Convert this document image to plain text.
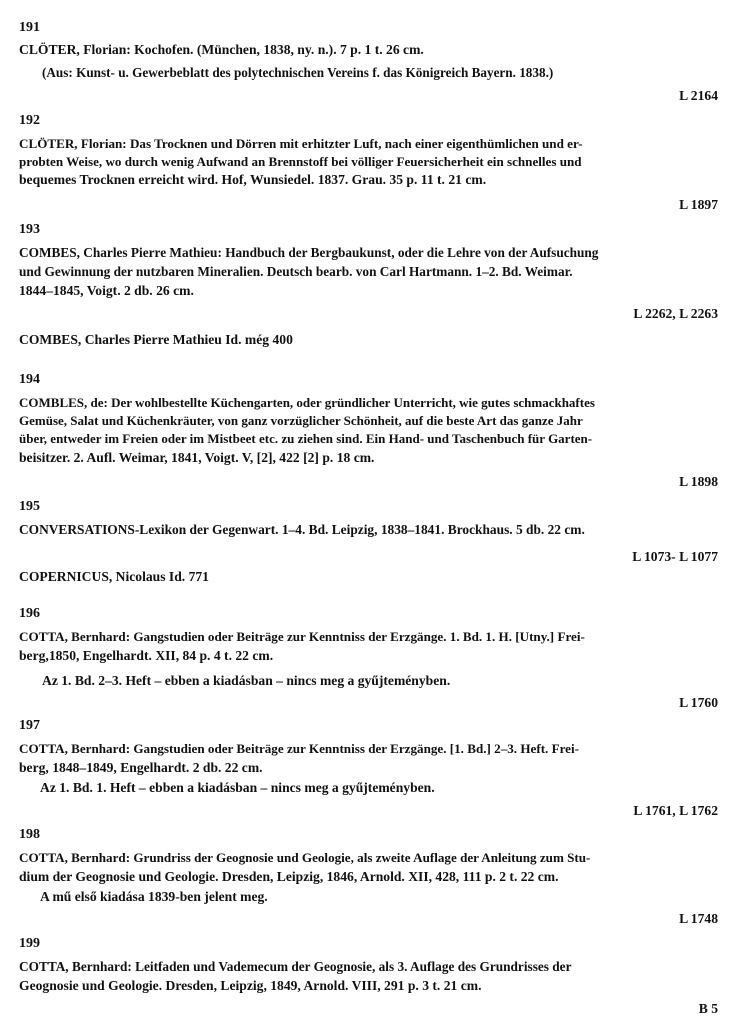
191
CLÖTER, Florian: Kochofen. (München, 1838, ny. n.). 7 p. 1 t. 26 cm.
(Aus: Kunst- u. Gewerbeblatt des polytechnischen Vereins f. das Königreich Bayern. 1838.)
L 2164
192
CLÖTER, Florian: Das Trocknen und Dörren mit erhitzter Luft, nach einer eigenthümlichen und er-
probten Weise, wo durch wenig Aufwand an Brennstoff bei völliger Feuersicherheit ein schnelles und
bequemes Trocknen erreicht wird. Hof, Wunsiedel. 1837. Grau. 35 p. 11 t. 21 cm.
L 1897
193
COMBES, Charles Pierre Mathieu: Handbuch der Bergbaukunst, oder die Lehre von der Aufsuchung
und Gewinnung der nutzbaren Mineralien. Deutsch bearb. von Carl Hartmann. 1–2. Bd. Weimar.
1844–1845, Voigt. 2 db. 26 cm.
L 2262, L 2263
COMBES, Charles Pierre Mathieu Id. még 400
194
COMBLES, de: Der wohlbestellte Küchengarten, oder gründlicher Unterricht, wie gutes schmackhaftes
Gemüse, Salat und Küchenkräuter, von ganz vorzüglicher Schönheit, auf die beste Art das ganze Jahr
über, entweder im Freien oder im Mistbeet etc. zu ziehen sind. Ein Hand- und Taschenbuch für Garten-
beisitzer. 2. Aufl. Weimar, 1841, Voigt. V, [2], 422 [2] p. 18 cm.
L 1898
195
CONVERSATIONS-Lexikon der Gegenwart. 1–4. Bd. Leipzig, 1838–1841. Brockhaus. 5 db. 22 cm.
L 1073- L 1077
COPERNICUS, Nicolaus Id. 771
196
COTTA, Bernhard: Gangstudien oder Beiträge zur Kenntniss der Erzgänge. 1. Bd. 1. H. [Utny.] Frei-
berg,1850, Engelhardt. XII, 84 p. 4 t. 22 cm.
Az 1. Bd. 2–3. Heft – ebben a kiadásban – nincs meg a gyűjteményben.
L 1760
197
COTTA, Bernhard: Gangstudien oder Beiträge zur Kenntniss der Erzgänge. [1. Bd.] 2–3. Heft. Frei-
berg, 1848–1849, Engelhardt. 2 db. 22 cm.
Az 1. Bd. 1. Heft – ebben a kiadásban – nincs meg a gyűjteményben.
L 1761, L 1762
198
COTTA, Bernhard: Grundriss der Geognosie und Geologie, als zweite Auflage der Anleitung zum Stu-
dium der Geognosie und Geologie. Dresden, Leipzig, 1846, Arnold. XII, 428, 111 p. 2 t. 22 cm.
A mű első kiadása 1839-ben jelent meg.
L 1748
199
COTTA, Bernhard: Leitfaden und Vademecum der Geognosie, als 3. Auflage des Grundrisses der
Geognosie und Geologie. Dresden, Leipzig, 1849, Arnold. VIII, 291 p. 3 t. 21 cm.
B 5
